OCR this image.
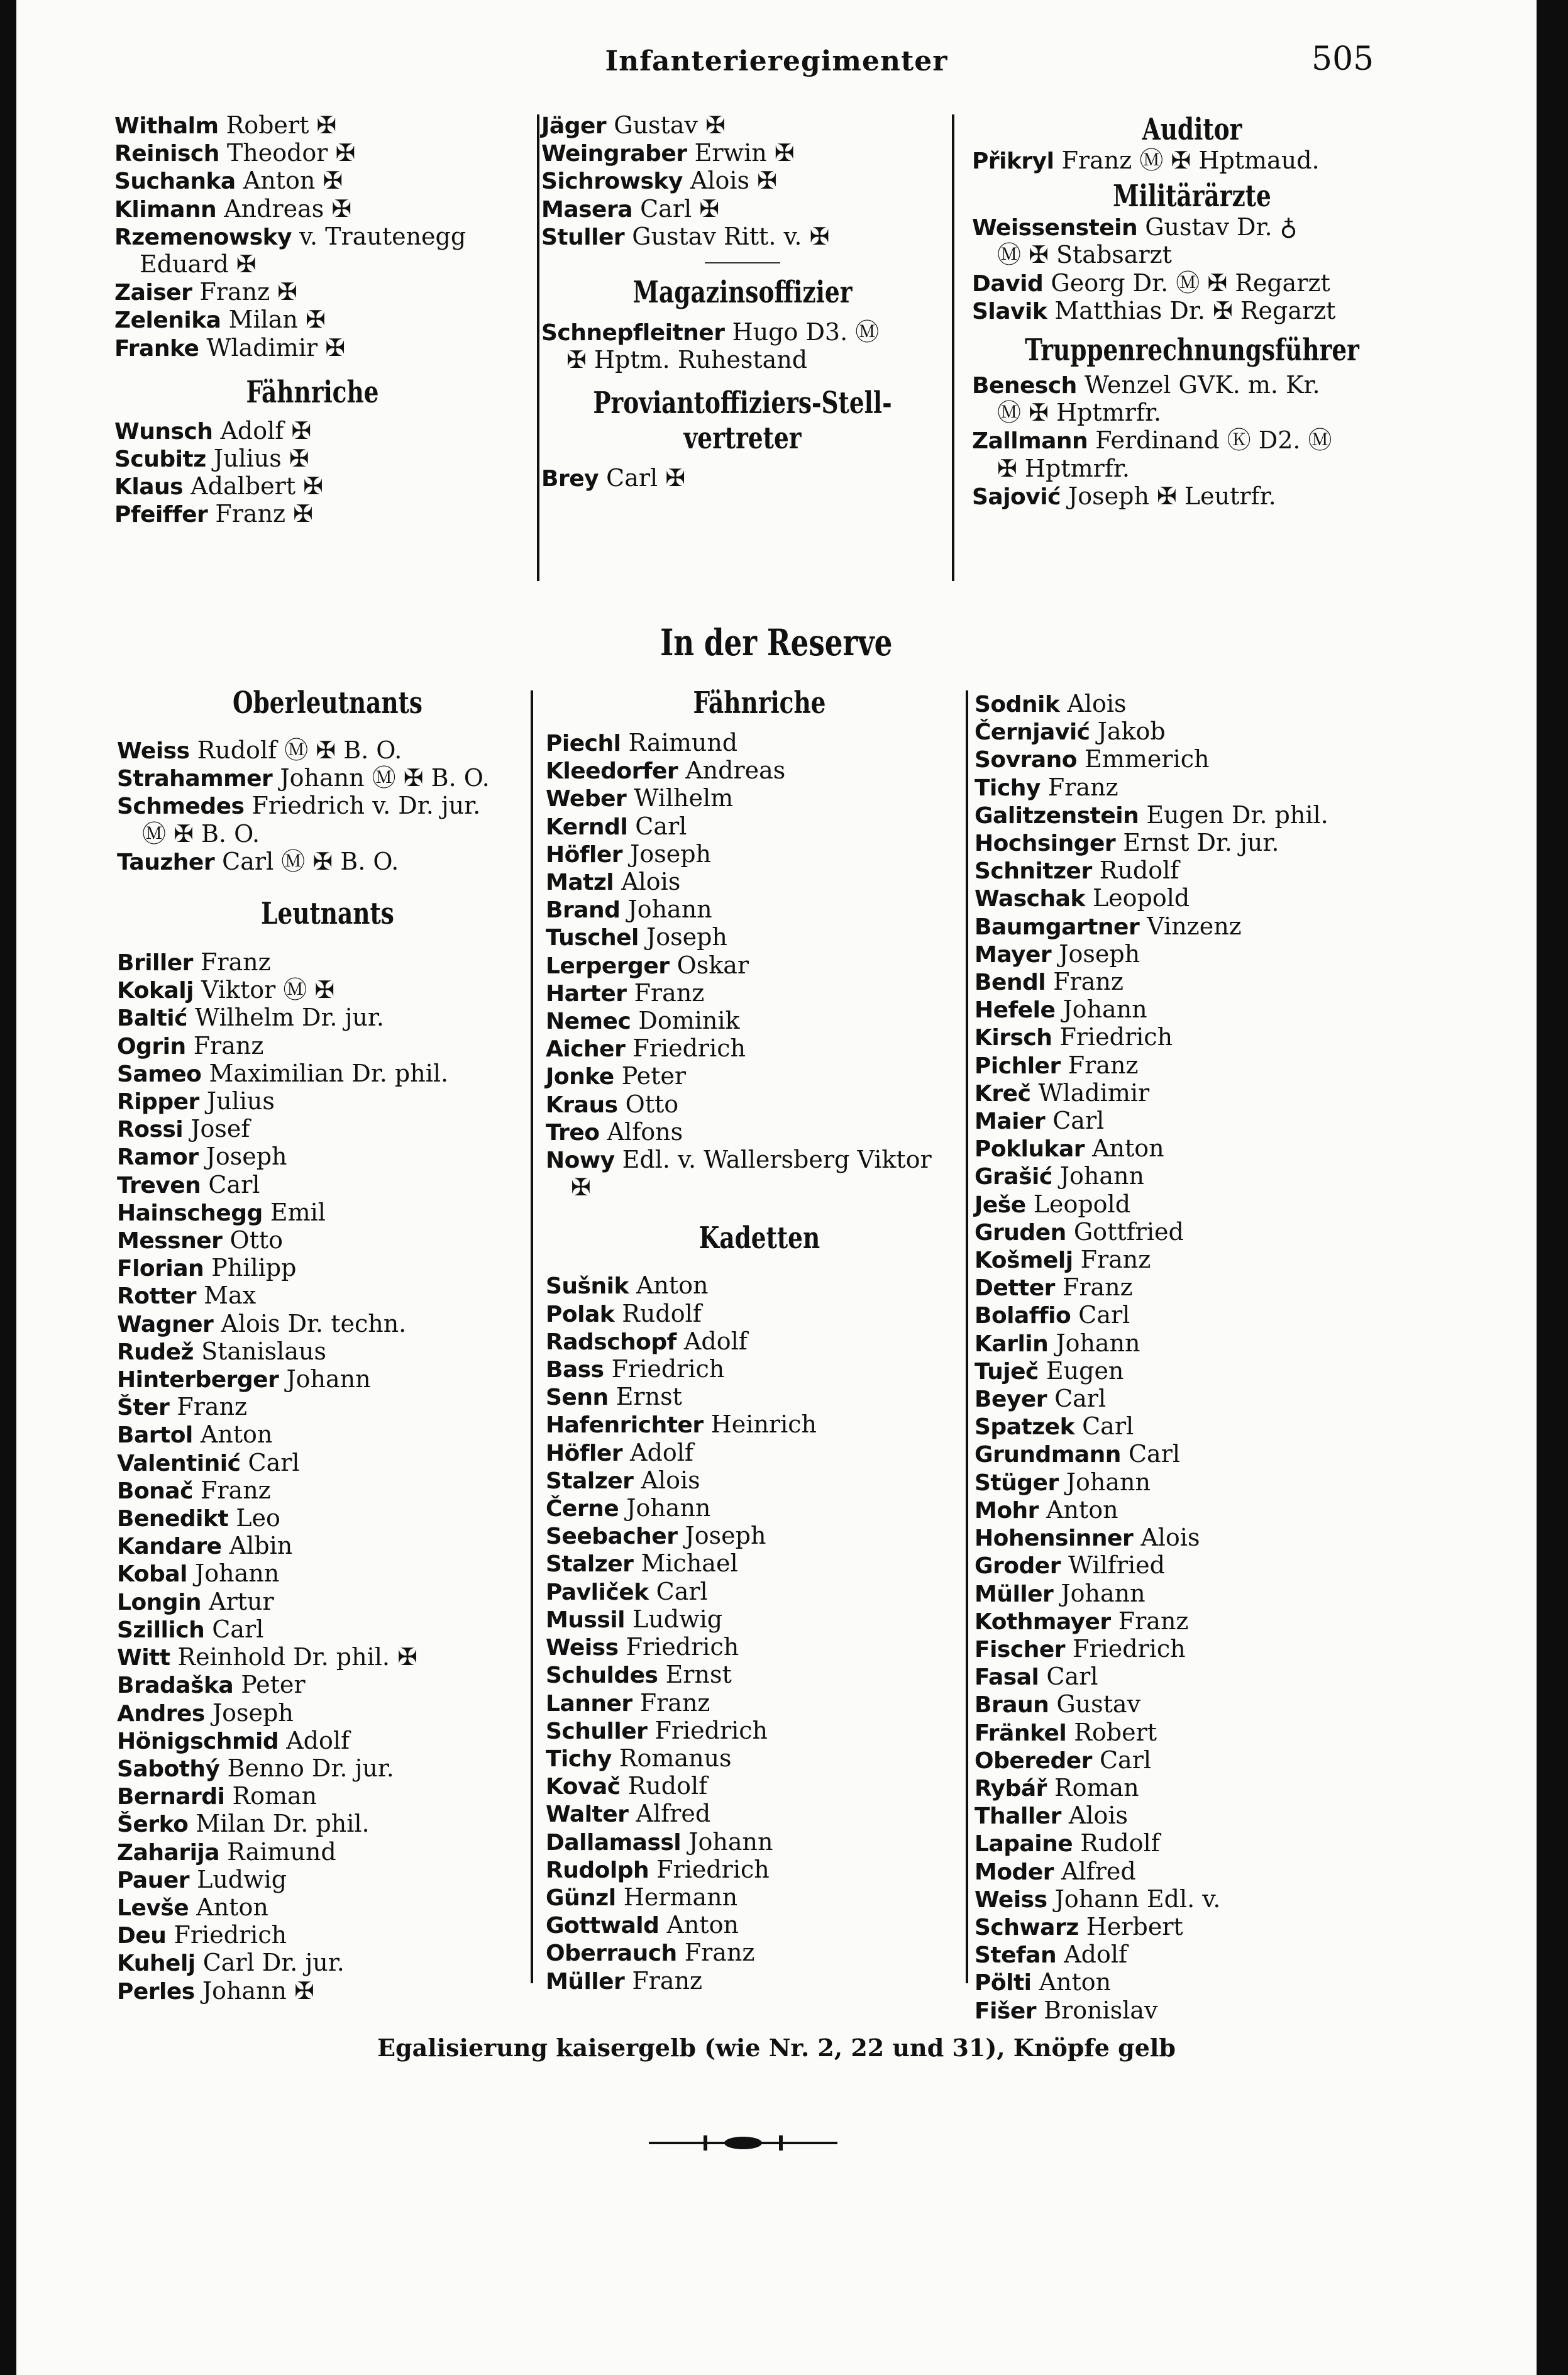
Infanterieregimenter	505
Withalm Robert ✠
Reinisch Theodor ✠
Suchanka Anton ✠
Klimann Andreas ✠
Rzemenowsky v. Trautenegg
Eduard ✠
Zaiser Franz ✠
Zelenika Milan ✠
Franke Wladimir ✠
Fähnriche
Wunsch Adolf ✠
Scubitz Julius ✠
Klaus Adalbert ✠
Pfeiffer Franz ✠
Jäger Gustav ✠
Weingraber Erwin ✠
Sichrowsky Alois ✠
Masera Carl ✠
Stuller Gustav Ritt. v. ✠
Magazinsoffizier
Schnepfleitner Hugo D3. Ⓜ
✠ Hptm. Ruhestand
Proviantoffiziers-Stell-
vertreter
Brey Carl ✠
Auditor
Přikryl Franz Ⓜ ✠ Hptmaud.
Militärärzte
Weissenstein Gustav Dr. ♁
Ⓜ ✠ Stabsarzt
David Georg Dr. Ⓜ ✠ Regarzt
Slavik Matthias Dr. ✠ Regarzt
Truppenrechnungsführer
Benesch Wenzel GVK. m. Kr.
Ⓜ ✠ Hptmrfr.
Zallmann Ferdinand Ⓚ D2. Ⓜ
✠ Hptmrfr.
Sajović Joseph ✠ Leutrfr.
In der Reserve
Oberleutnants
Weiss Rudolf Ⓜ ✠ B. O.
Strahammer Johann Ⓜ ✠ B. O.
Schmedes Friedrich v. Dr. jur.
Ⓜ ✠ B. O.
Tauzher Carl Ⓜ ✠ B. O.
Leutnants
Briller Franz
Kokalj Viktor Ⓜ ✠
Baltić Wilhelm Dr. jur.
Ogrin Franz
Sameo Maximilian Dr. phil.
Ripper Julius
Rossi Josef
Ramor Joseph
Treven Carl
Hainschegg Emil
Messner Otto
Florian Philipp
Rotter Max
Wagner Alois Dr. techn.
Rudež Stanislaus
Hinterberger Johann
Šter Franz
Bartol Anton
Valentinić Carl
Bonač Franz
Benedikt Leo
Kandare Albin
Kobal Johann
Longin Artur
Szillich Carl
Witt Reinhold Dr. phil. ✠
Bradaška Peter
Andres Joseph
Hönigschmid Adolf
Sabothý Benno Dr. jur.
Bernardi Roman
Šerko Milan Dr. phil.
Zaharija Raimund
Pauer Ludwig
Levše Anton
Deu Friedrich
Kuhelj Carl Dr. jur.
Perles Johann ✠
Fähnriche
Piechl Raimund
Kleedorfer Andreas
Weber Wilhelm
Kerndl Carl
Höfler Joseph
Matzl Alois
Brand Johann
Tuschel Joseph
Lerperger Oskar
Harter Franz
Nemec Dominik
Aicher Friedrich
Jonke Peter
Kraus Otto
Treo Alfons
Nowy Edl. v. Wallersberg Viktor
✠
Kadetten
Sušnik Anton
Polak Rudolf
Radschopf Adolf
Bass Friedrich
Senn Ernst
Hafenrichter Heinrich
Höfler Adolf
Stalzer Alois
Černe Johann
Seebacher Joseph
Stalzer Michael
Pavliček Carl
Mussil Ludwig
Weiss Friedrich
Schuldes Ernst
Lanner Franz
Schuller Friedrich
Tichy Romanus
Kovač Rudolf
Walter Alfred
Dallamassl Johann
Rudolph Friedrich
Günzl Hermann
Gottwald Anton
Oberrauch Franz
Müller Franz
Sodnik Alois
Černjavić Jakob
Sovrano Emmerich
Tichy Franz
Galitzenstein Eugen Dr. phil.
Hochsinger Ernst Dr. jur.
Schnitzer Rudolf
Waschak Leopold
Baumgartner Vinzenz
Mayer Joseph
Bendl Franz
Hefele Johann
Kirsch Friedrich
Pichler Franz
Kreč Wladimir
Maier Carl
Poklukar Anton
Grašić Johann
Ješe Leopold
Gruden Gottfried
Košmelj Franz
Detter Franz
Bolaffio Carl
Karlin Johann
Tuječ Eugen
Beyer Carl
Spatzek Carl
Grundmann Carl
Stüger Johann
Mohr Anton
Hohensinner Alois
Groder Wilfried
Müller Johann
Kothmayer Franz
Fischer Friedrich
Fasal Carl
Braun Gustav
Fränkel Robert
Obereder Carl
Rybář Roman
Thaller Alois
Lapaine Rudolf
Moder Alfred
Weiss Johann Edl. v.
Schwarz Herbert
Stefan Adolf
Pölti Anton
Fišer Bronislav
Egalisierung kaisergelb (wie Nr. 2, 22 und 31), Knöpfe gelb
